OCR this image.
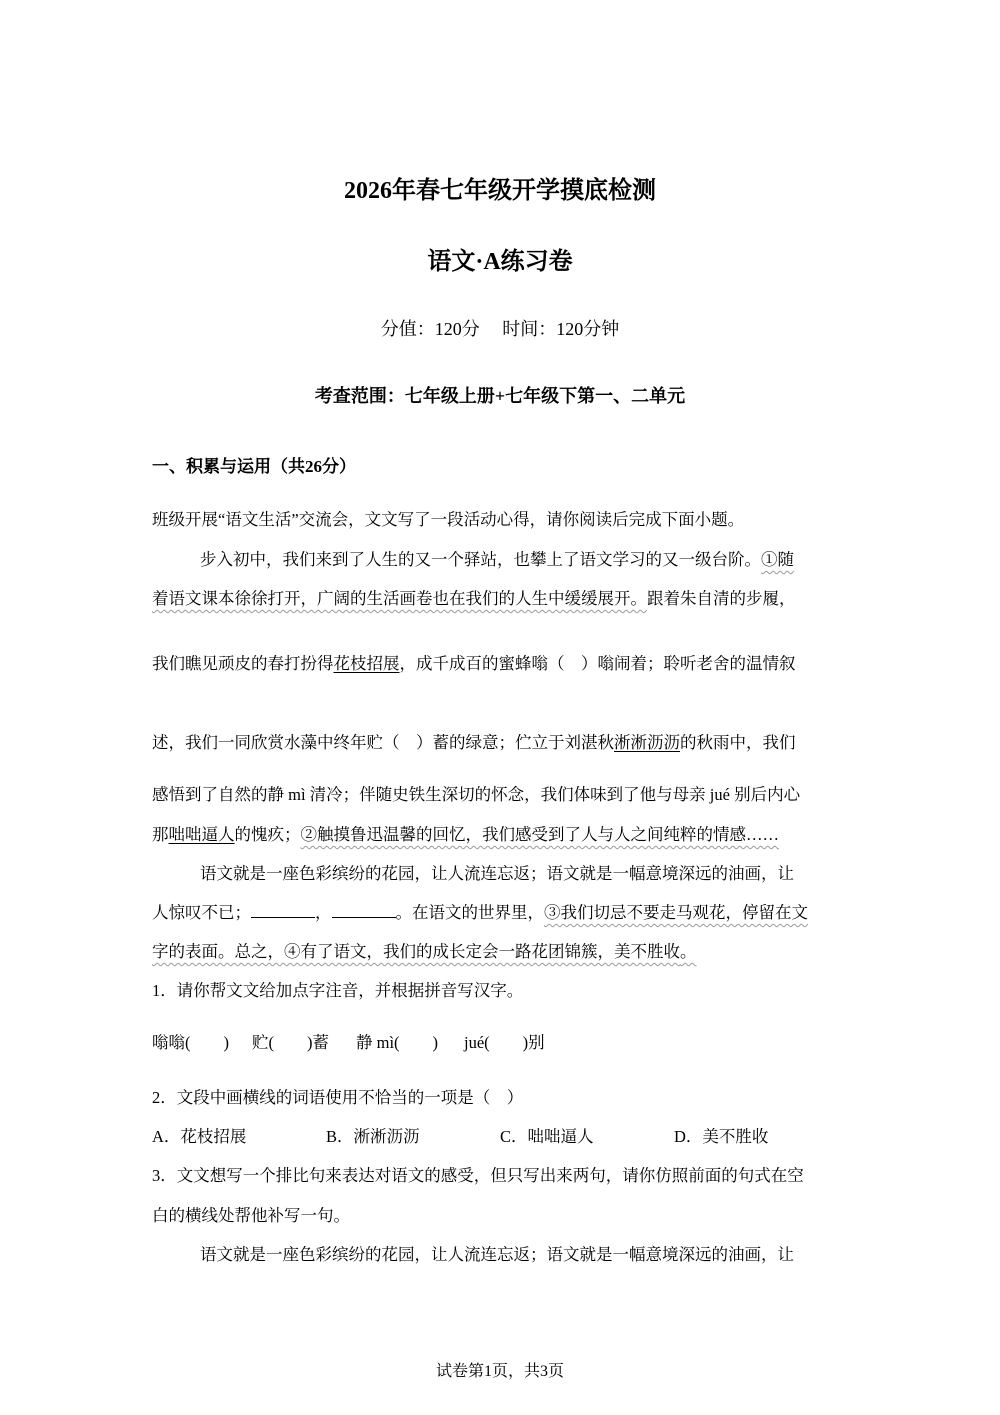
2026年春七年级开学摸底检测
语文·A练习卷
分值：120分　 时间：120分钟
考查范围：七年级上册+七年级下第一、二单元
一、积累与运用（共26分）
班级开展“语文生活”交流会，文文写了一段活动心得，请你阅读后完成下面小题。
步入初中，我们来到了人生的又一个驿站，也攀上了语文学习的又一级台阶。①随
着语文课本徐徐打开，广阔的生活画卷也在我们的人生中缓缓展开。跟着朱自清的步履，
我们瞧见顽皮的春打扮得花枝招展，成千成百的蜜蜂嗡（　）嗡闹着；聆听老舍的温情叙
述，我们一同欣赏水藻中终年贮（　）蓄的绿意；伫立于刘湛秋淅淅沥沥的秋雨中，我们
感悟到了自然的静 mì 清冷；伴随史铁生深切的怀念，我们体味到了他与母亲 jué 别后内心
那咄咄逼人的愧疚；②触摸鲁迅温馨的回忆，我们感受到了人与人之间纯粹的情感……
语文就是一座色彩缤纷的花园，让人流连忘返；语文就是一幅意境深远的油画，让
人惊叹不已；	，	。在语文的世界里，③我们切忌不要走马观花，停留在文
字的表面。总之，④有了语文，我们的成长定会一路花团锦簇，美不胜收。
1．请你帮文文给加点字注音，并根据拼音写汉字。
嗡嗡(　　) 贮(　　)蓄 静 mì(　　) jué(　　)别
2．文段中画横线的词语使用不恰当的一项是（　）
A．花枝招展	B．淅淅沥沥	C．咄咄逼人	D．美不胜收
3．文文想写一个排比句来表达对语文的感受，但只写出来两句，请你仿照前面的句式在空
白的横线处帮他补写一句。
语文就是一座色彩缤纷的花园，让人流连忘返；语文就是一幅意境深远的油画，让
试卷第1页，共3页
